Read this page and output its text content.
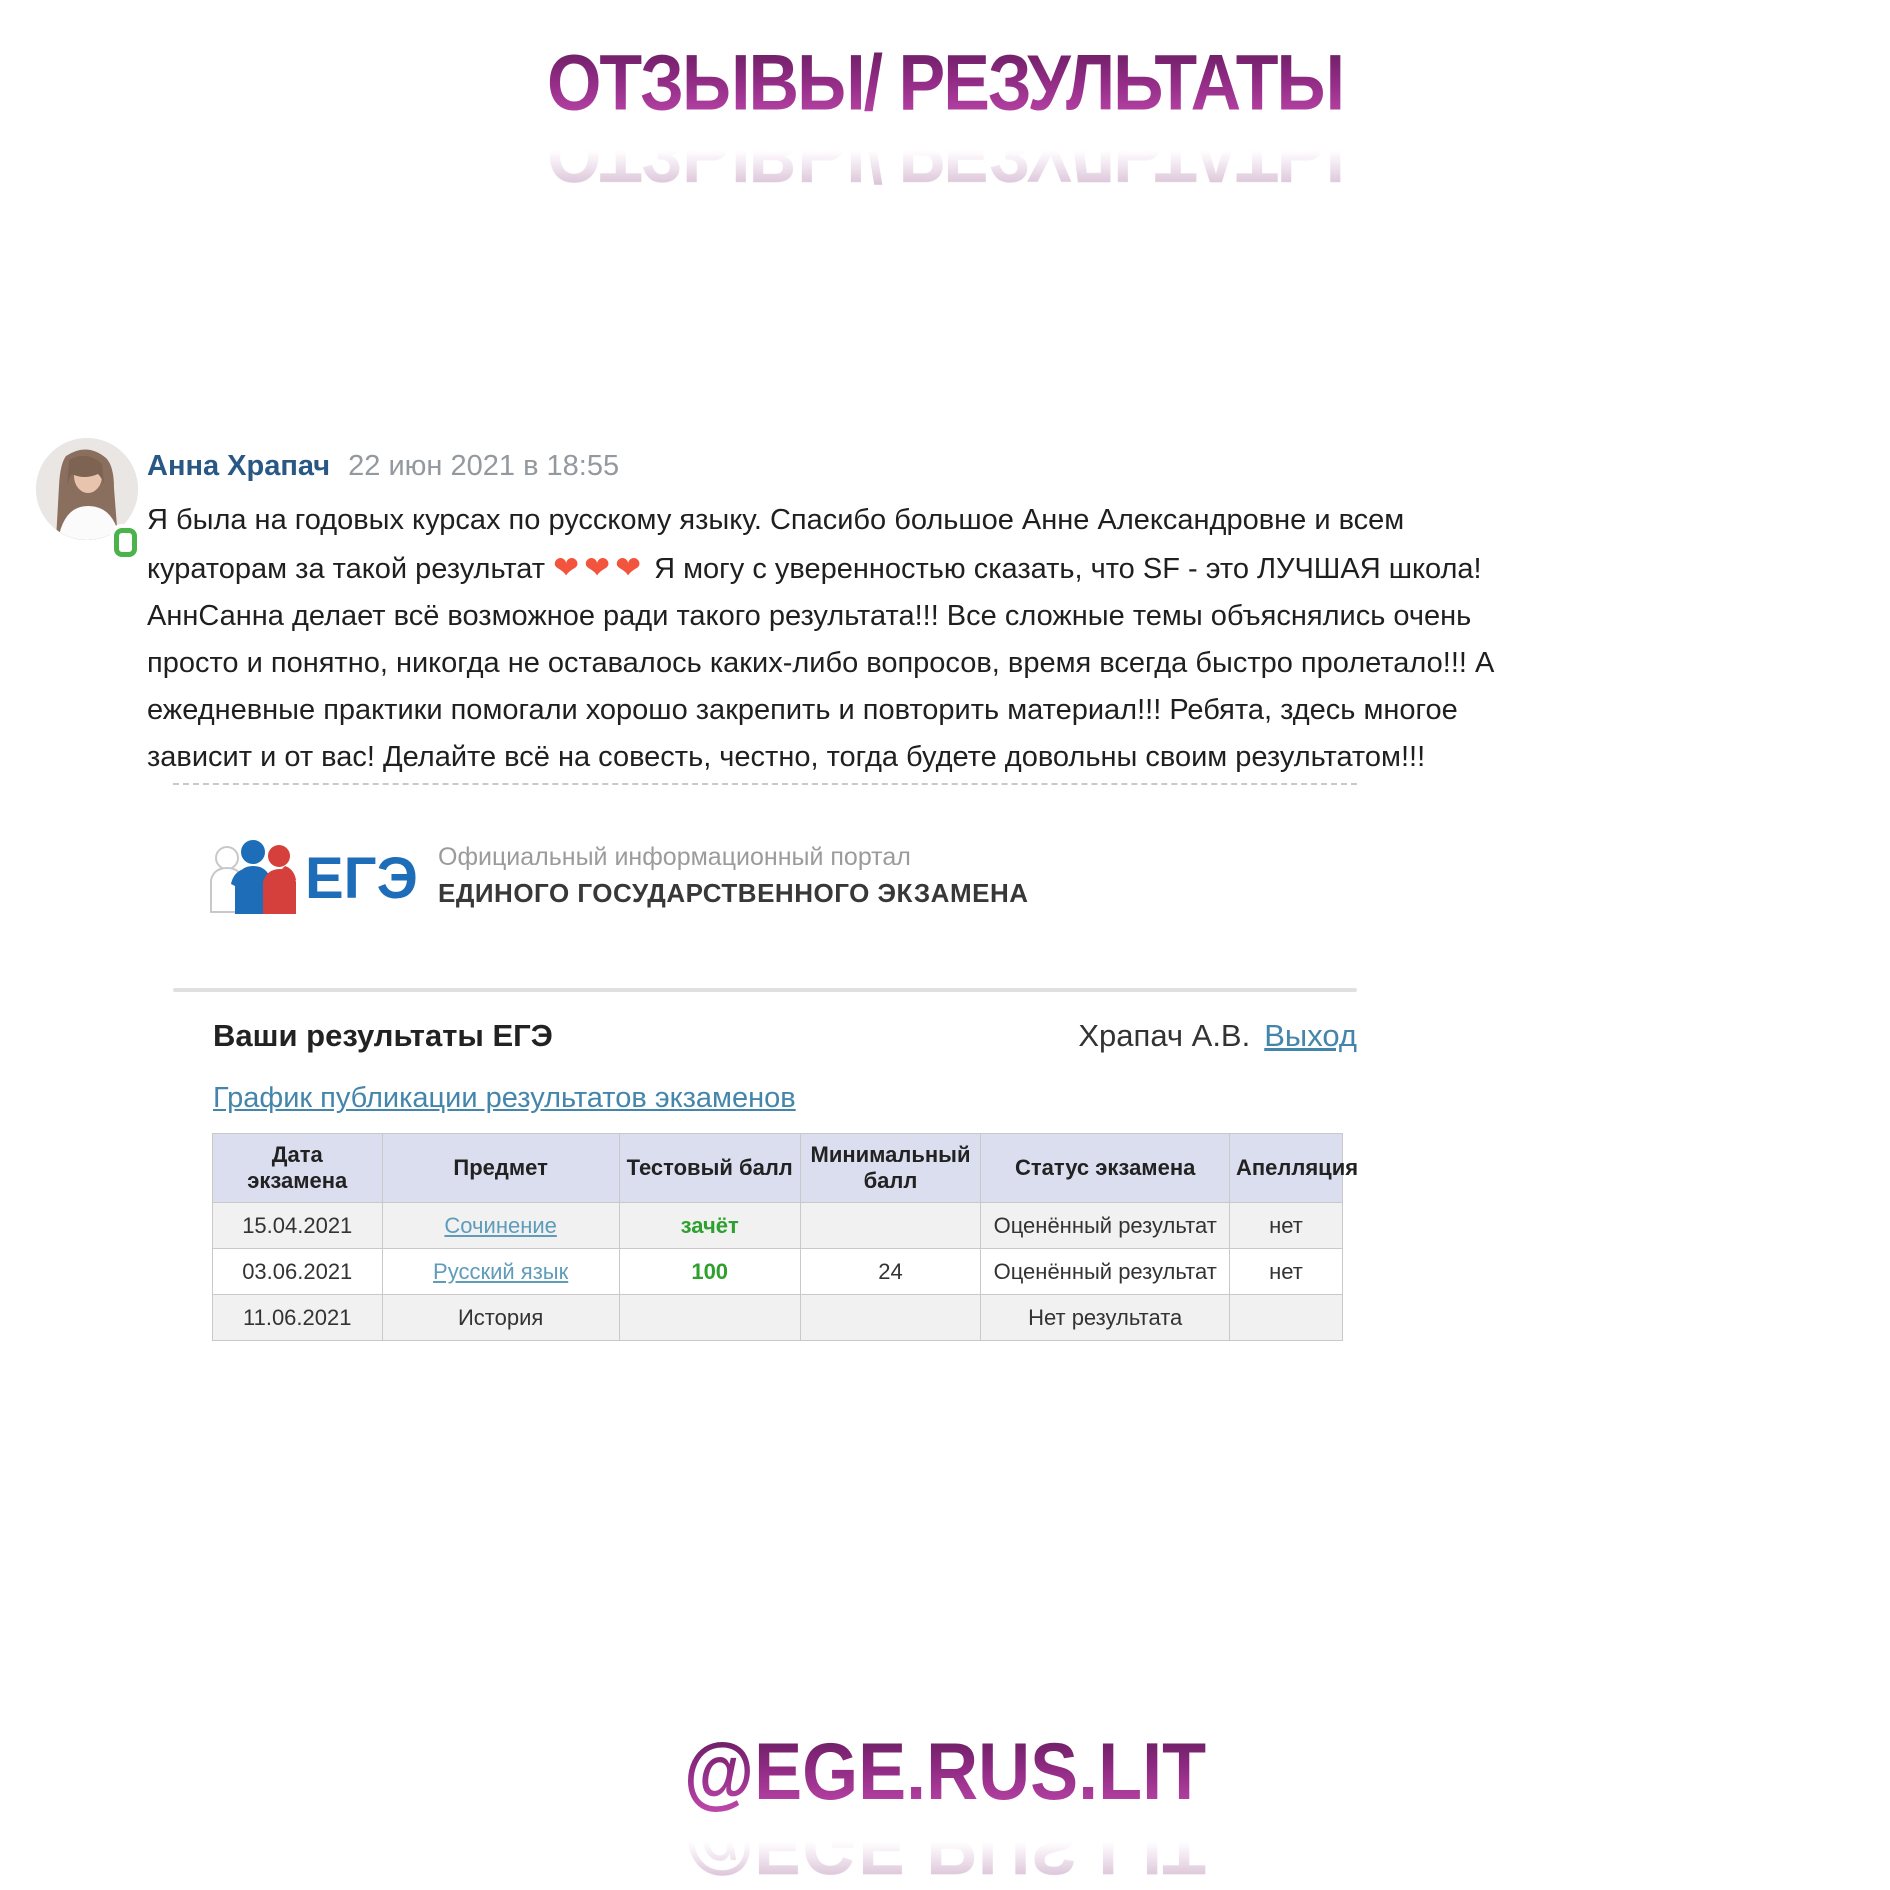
ОТЗЫВЫ/ РЕЗУЛЬТАТЫ
Анна Храпач 22 июн 2021 в 18:55
Я была на годовых курсах по русскому языку. Спасибо большое Анне Александровне и всем кураторам за такой результат ❤❤❤ Я могу с уверенностью сказать, что SF - это ЛУЧШАЯ школа! АннСанна делает всё возможное ради такого результата!!! Все сложные темы объяснялись очень просто и понятно, никогда не оставалось каких-либо вопросов, время всегда быстро пролетало!!! А ежедневные практики помогали хорошо закрепить и повторить материал!!! Ребята, здесь многое зависит и от вас! Делайте всё на совесть, честно, тогда будете довольны своим результатом!!!
ЕГЭ Официальный информационный портал
ЕДИНОГО ГОСУДАРСТВЕННОГО ЭКЗАМЕНА
Ваши результаты ЕГЭ	Храпач А.В. Выход
График публикации результатов экзаменов
Дата экзамена	Предмет	Тестовый балл	Минимальный балл	Статус экзамена	Апелляция
15.04.2021	Сочинение	зачёт		Оценённый результат	нет
03.06.2021	Русский язык	100	24	Оценённый результат	нет
11.06.2021	История			Нет результата	
@EGE.RUS.LIT
